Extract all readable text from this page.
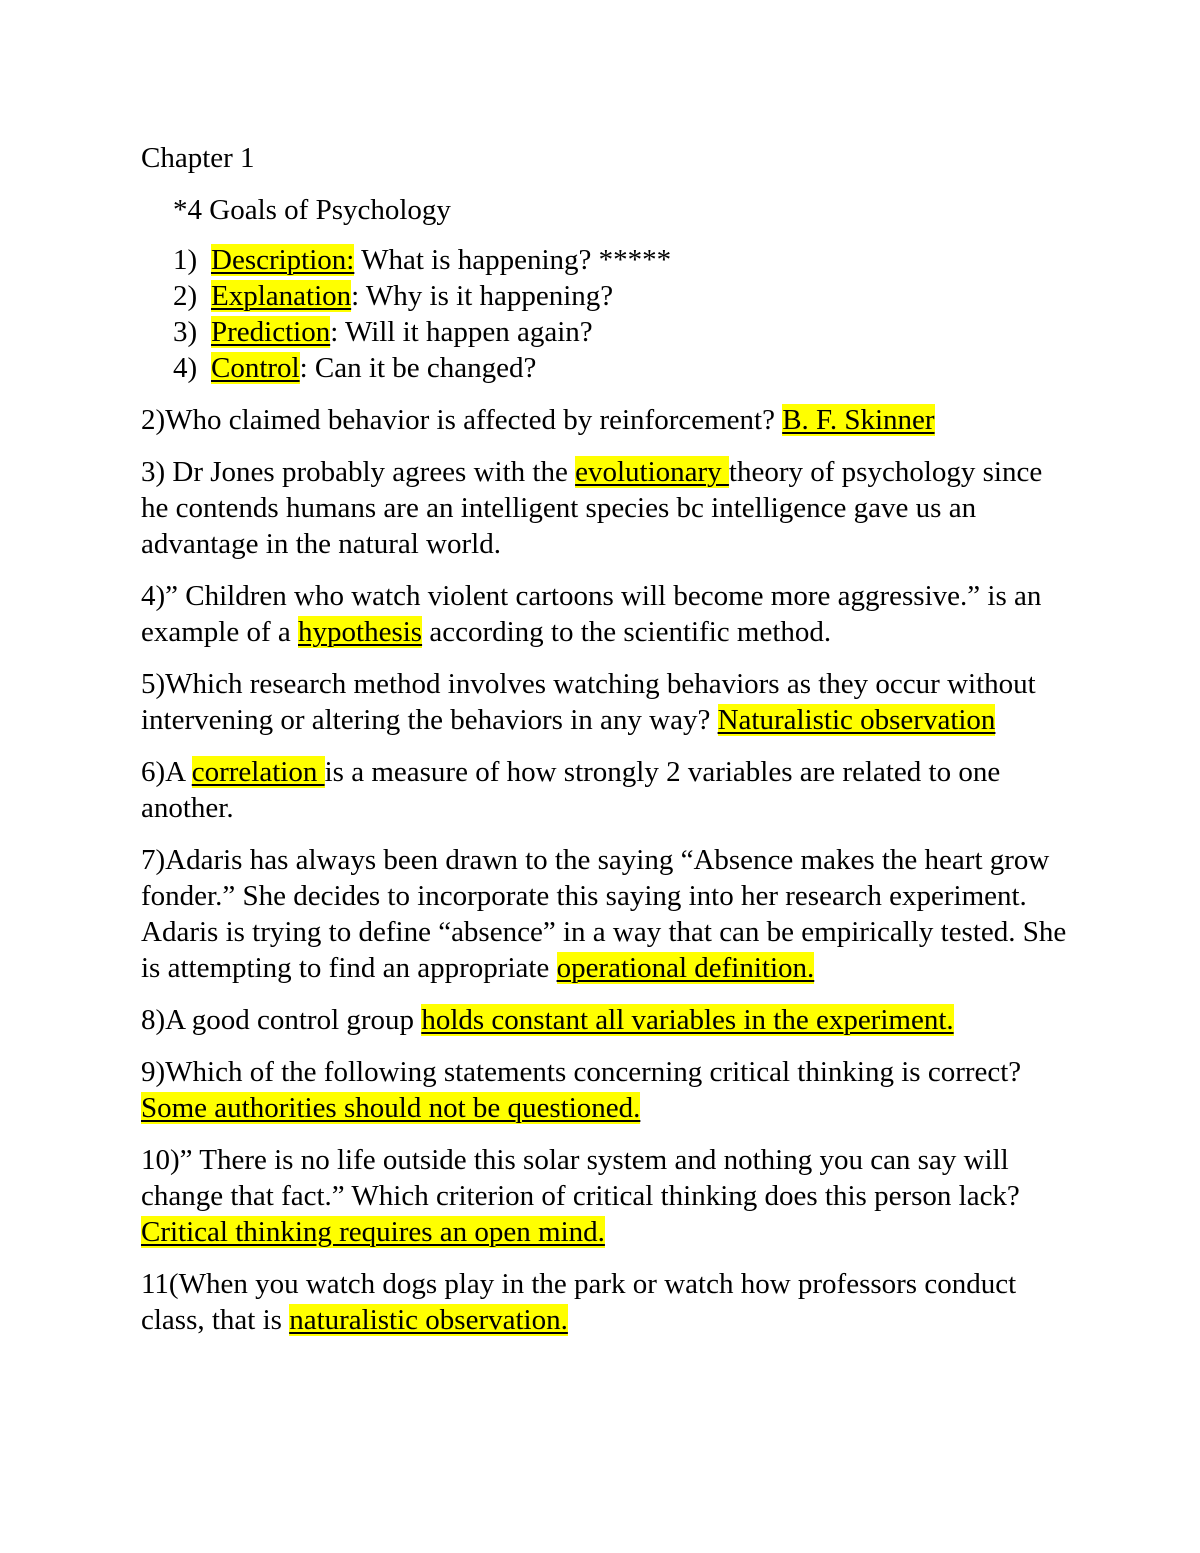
Chapter 1
*4 Goals of Psychology
1) Description: What is happening? *****
2) Explanation: Why is it happening?
3) Prediction: Will it happen again?
4) Control: Can it be changed?

2)Who claimed behavior is affected by reinforcement? B. F. Skinner

3) Dr Jones probably agrees with the evolutionary theory of psychology since he contends humans are an intelligent species bc intelligence gave us an advantage in the natural world.

4)” Children who watch violent cartoons will become more aggressive.” is an example of a hypothesis according to the scientific method.

5)Which research method involves watching behaviors as they occur without intervening or altering the behaviors in any way? Naturalistic observation

6)A correlation is a measure of how strongly 2 variables are related to one another.

7)Adaris has always been drawn to the saying “Absence makes the heart grow fonder.” She decides to incorporate this saying into her research experiment. Adaris is trying to define “absence” in a way that can be empirically tested. She is attempting to find an appropriate operational definition.

8)A good control group holds constant all variables in the experiment.

9)Which of the following statements concerning critical thinking is correct? Some authorities should not be questioned.

10)” There is no life outside this solar system and nothing you can say will change that fact.” Which criterion of critical thinking does this person lack? Critical thinking requires an open mind.

11(When you watch dogs play in the park or watch how professors conduct class, that is naturalistic observation.
